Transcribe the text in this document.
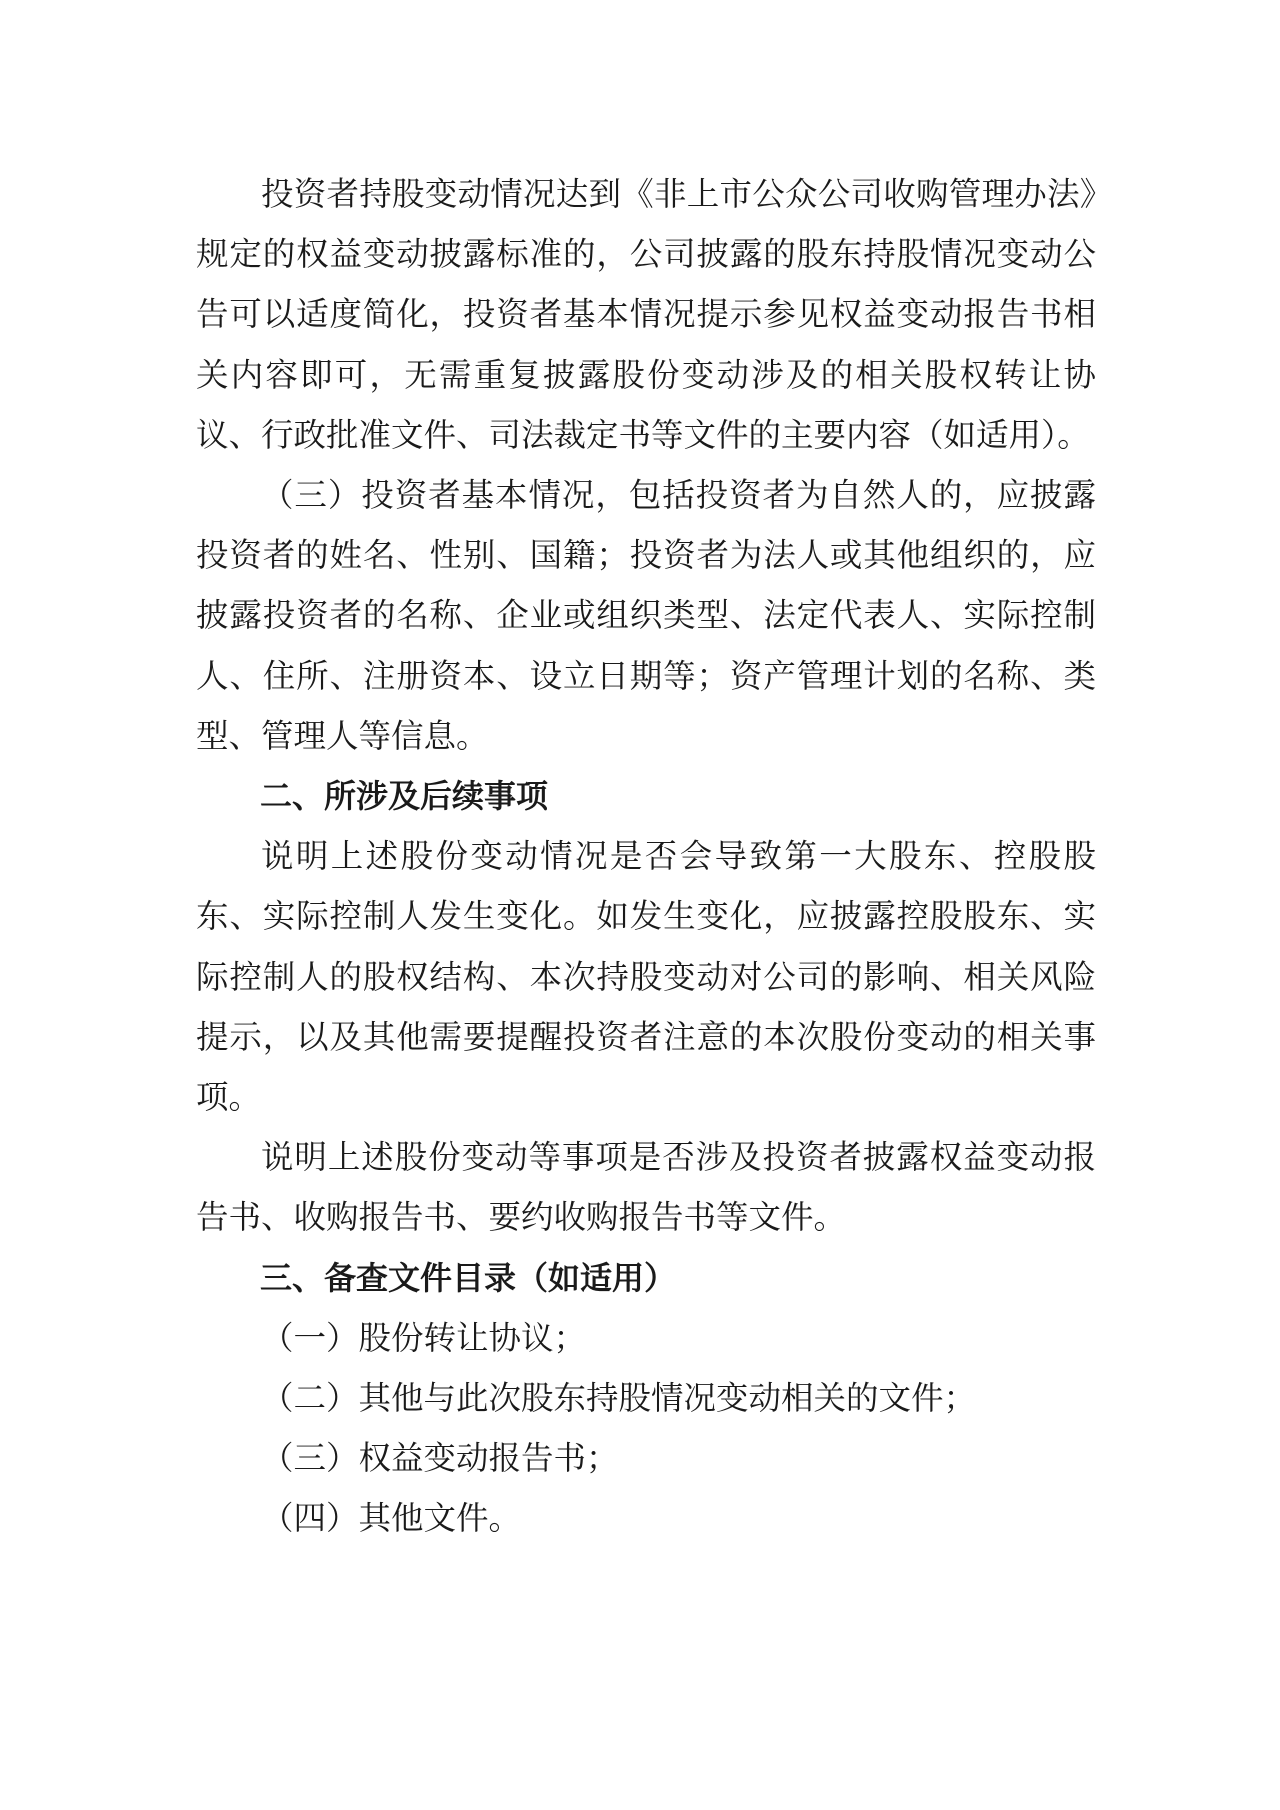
投资者持股变动情况达到《非上市公众公司收购管理办法》规定的权益变动披露标准的，公司披露的股东持股情况变动公告可以适度简化，投资者基本情况提示参见权益变动报告书相关内容即可，无需重复披露股份变动涉及的相关股权转让协议、行政批准文件、司法裁定书等文件的主要内容（如适用）。

（三）投资者基本情况，包括投资者为自然人的，应披露投资者的姓名、性别、国籍；投资者为法人或其他组织的，应披露投资者的名称、企业或组织类型、法定代表人、实际控制人、住所、注册资本、设立日期等；资产管理计划的名称、类型、管理人等信息。

二、所涉及后续事项

说明上述股份变动情况是否会导致第一大股东、控股股东、实际控制人发生变化。如发生变化，应披露控股股东、实际控制人的股权结构、本次持股变动对公司的影响、相关风险提示，以及其他需要提醒投资者注意的本次股份变动的相关事项。

说明上述股份变动等事项是否涉及投资者披露权益变动报告书、收购报告书、要约收购报告书等文件。

三、备查文件目录（如适用）

（一）股份转让协议；

（二）其他与此次股东持股情况变动相关的文件；

（三）权益变动报告书；

（四）其他文件。
